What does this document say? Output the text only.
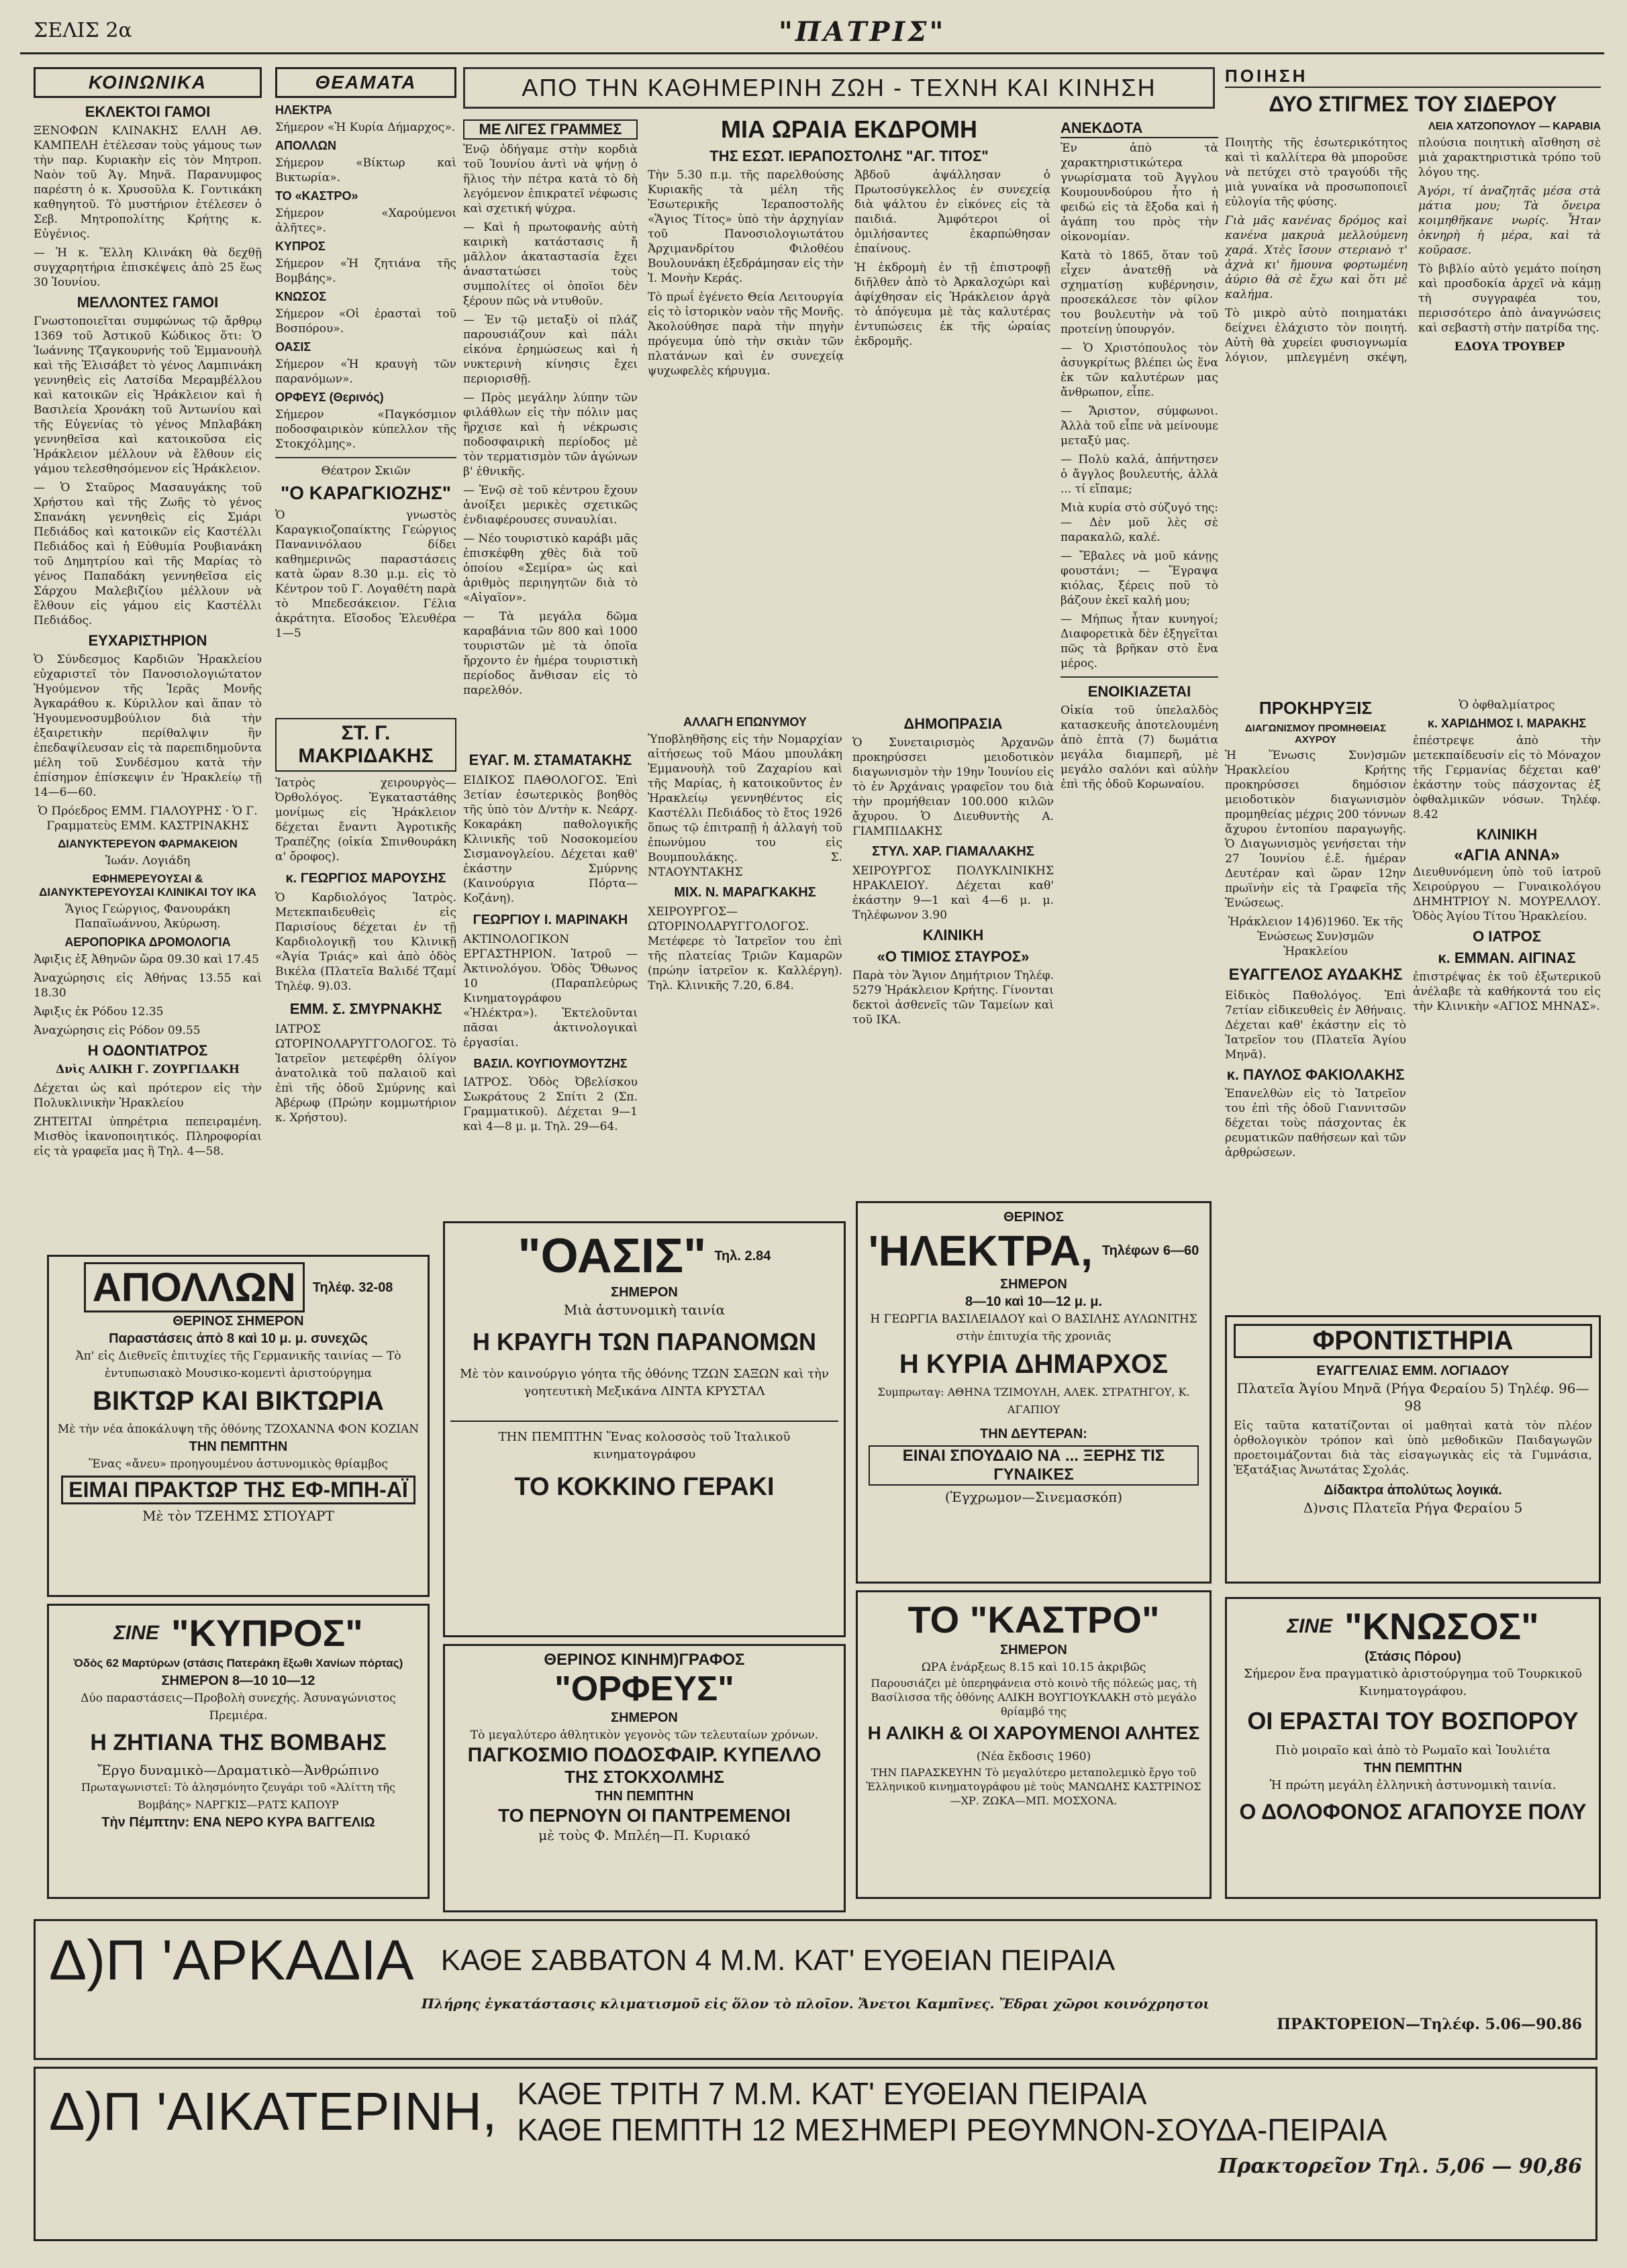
ΣΕΛΙΣ 2α	"ΠΑΤΡΙΣ"
ΚΟΙΝΩΝΙΚΑ
ΕΚΛΕΚΤΟΙ ΓΑΜΟΙ

ΞΕΝΟΦΩΝ ΚΛΙΝΑΚΗΣ ΕΛΛΗ ΑΘ. ΚΑΜΠΕΛΗ ἐτέλεσαν τοὺς γάμους των τὴν παρ. Κυριακὴν εἰς τὸν Μητροπ. Ναὸν τοῦ Ἁγ. Μηνᾶ. Παρανυμφος παρέστη ὁ κ. Χρυσοῦλα Κ. Γοντικάκη καθηγητοῦ. Τὸ μυστήριον ἐτέλεσεν ὁ Σεβ. Μητροπολίτης Κρήτης κ. Εὐγένιος.

— Ἡ κ. Ἔλλη Κλινάκη θὰ δεχθῇ συγχαρητήρια ἐπισκέψεις ἀπὸ 25 ἕως 30 Ἰουνίου.

ΜΕΛΛΟΝΤΕΣ ΓΑΜΟΙ

Γνωστοποιεῖται συμφώνως τῷ ἄρθρῳ 1369 τοῦ Ἀστικοῦ Κώδικος ὅτι: Ὁ Ἰωάννης Τζαγκουρνής τοῦ Ἐμμανουὴλ καὶ τῆς Ἐλισάβετ τὸ γένος Λαμπινάκη γεννηθεὶς εἰς Λατσίδα Μεραμβέλλου καὶ κατοικῶν εἰς Ἡράκλειον καὶ ἡ Βασιλεία Χρονάκη τοῦ Ἀντωνίου καὶ τῆς Εὐγενίας τὸ γένος Μπλαβάκη γεννηθεῖσα καὶ κατοικοῦσα εἰς Ἡράκλειον μέλλουν νὰ ἔλθουν εἰς γάμου τελεσθησόμενον εἰς Ἡράκλειον.

— Ὁ Σταῦρος Μασαυγάκης τοῦ Χρήστου καὶ τῆς Ζωῆς τὸ γένος Σπανάκη γεννηθεὶς εἰς Σμάρι Πεδιάδος καὶ κατοικῶν εἰς Καστέλλι Πεδιάδος καὶ ἡ Εὐθυμία Ρουβιανάκη τοῦ Δημητρίου καὶ τῆς Μαρίας τὸ γένος Παπαδάκη γεννηθεῖσα εἰς Σάρχου Μαλεβιζίου μέλλουν νὰ ἔλθουν εἰς γάμου εἰς Καστέλλι Πεδιάδος.

ΕΥΧΑΡΙΣΤΗΡΙΟΝ

Ὁ Σύνδεσμος Καρδιῶν Ἡρακλείου εὐχαριστεῖ τὸν Πανοσιολογιώτατον Ἡγούμενον τῆς Ἱερᾶς Μονῆς Ἀγκαράθου κ. Κύριλλον καὶ ἅπαν τὸ Ἡγουμενοσυμβούλιον διὰ τὴν ἐξαιρετικὴν περίθαλψιν ἣν ἐπεδαψίλευσαν εἰς τὰ παρεπιδημοῦντα μέλη τοῦ Συνδέσμου κατὰ τὴν ἐπίσημον ἐπίσκεψιν ἐν Ἡρακλείῳ τῇ 14—6—60.

Ὁ Πρόεδρος ΕΜΜ. ΓΙΑΛΟΥΡΗΣ · Ὁ Γ. Γραμματεὺς ΕΜΜ. ΚΑΣΤΡΙΝΑΚΗΣ

ΔΙΑΝΥΚΤΕΡΕΥΟΝ ΦΑΡΜΑΚΕΙΟΝ

Ἰωάν. Λογιάδη

ΕΦΗΜΕΡΕΥΟΥΣΑΙ & ΔΙΑΝΥΚΤΕΡΕΥΟΥΣΑΙ ΚΛΙΝΙΚΑΙ ΤΟΥ ΙΚΑ

Ἅγιος Γεώργιος, Φανουράκη Παπαϊωάννου, Ἀκύρωση.

ΑΕΡΟΠΟΡΙΚΑ ΔΡΟΜΟΛΟΓΙΑ

Ἀφιξις ἐξ Ἀθηνῶν ὥρα 09.30 καὶ 17.45

Ἀναχώρησις εἰς Ἀθήνας 13.55 καὶ 18.30

Ἀφιξις ἐκ Ρόδου 12.35

Ἀναχώρησις εἰς Ρόδον 09.55

Η ΟΔΟΝΤΙΑΤΡΟΣ

Δνὶς ΑΛΙΚΗ Γ. ΖΟΥΡΓΙΔΑΚΗ

Δέχεται ὡς καὶ πρότερον εἰς τὴν Πολυκλινικὴν Ἡρακλείου

ΖΗΤΕΙΤΑΙ ὑπηρέτρια πεπειραμένη. Μισθὸς ἱκανοποιητικός. Πληροφορίαι εἰς τὰ γραφεῖα μας ἢ Τηλ. 4—58.

ΘΕΑΜΑΤΑ
ΗΛΕΚΤΡΑ

Σήμερον «Ἡ Κυρία Δήμαρχος».

ΑΠΟΛΛΩΝ

Σήμερον «Βίκτωρ καὶ Βικτωρία».

ΤΟ «ΚΑΣΤΡΟ»

Σήμερον «Χαρούμενοι ἀλῆτες».

ΚΥΠΡΟΣ

Σήμερον «Ἡ ζητιάνα τῆς Βομβάης».

ΚΝΩΣΟΣ

Σήμερον «Οἱ ἐρασταὶ τοῦ Βοσπόρου».

ΟΑΣΙΣ

Σήμερον «Ἡ κραυγὴ τῶν παρανόμων».

ΟΡΦΕΥΣ (Θερινός)

Σήμερον «Παγκόσμιον ποδοσφαιρικὸν κύπελλον τῆς Στοκχόλμης».

Θέατρον Σκιῶν

"Ο ΚΑΡΑΓΚΙΟΖΗΣ"

Ὁ γνωστὸς Καραγκιοζοπαίκτης Γεώργιος Πανανινόλαου δίδει καθημερινῶς παραστάσεις κατὰ ὥραν 8.30 μ.μ. εἰς τὸ Κέντρον τοῦ Γ. Λογαθέτη παρὰ τὸ Μπεδεσάκειον. Γέλια ἀκράτητα. Εἴσοδος Ἐλευθέρα 1—5

ΣΤ. Γ. ΜΑΚΡΙΔΑΚΗΣ

Ἰατρὸς χειρουργὸς—Ὀρθολόγος. Ἐγκαταστάθης μονίμως εἰς Ἡράκλειον δέχεται ἔναντι Ἀγροτικῆς Τραπέζης (οἰκία Σπινθουράκη α' ὄροφος).

κ. ΓΕΩΡΓΙΟΣ ΜΑΡΟΥΣΗΣ

Ὁ Καρδιολόγος Ἰατρὸς. Μετεκπαιδευθεὶς εἰς Παρισίους δέχεται ἐν τῇ Καρδιολογικῇ του Κλινικῇ «Ἁγία Τριάς» καὶ ἀπὸ ὁδὸς Βικέλα (Πλατεῖα Βαλιδέ Τζαμί Τηλέφ. 9).03.

ΕΜΜ. Σ. ΣΜΥΡΝΑΚΗΣ

ΙΑΤΡΟΣ ΩΤΟΡΙΝΟΛΑΡΥΓΓΟΛΟΓΟΣ. Τὸ Ἰατρεῖον μετεφέρθη ὁλίγον ἀνατολικὰ τοῦ παλαιοῦ καὶ ἐπὶ τῆς ὁδοῦ Σμύρνης καὶ Ἀβέρωφ (Πρώην κομμωτήριον κ. Χρήστου).

ΕΥΑΓ. Μ. ΣΤΑΜΑΤΑΚΗΣ

ΕΙΔΙΚΟΣ ΠΑΘΟΛΟΓΟΣ. Ἐπὶ 3ετίαν ἐσωτερικὸς βοηθὸς τῆς ὑπὸ τὸν Δ/ντὴν κ. Νεάρχ. Κοκαράκη παθολογικῆς Κλινικῆς τοῦ Νοσοκομείου Σισμανογλείου. Δέχεται καθ' ἑκάστην Σμύρνης (Καινούργια Πόρτα—Κοζάνη).

ΓΕΩΡΓΙΟΥ Ι. ΜΑΡΙΝΑΚΗ

ΑΚΤΙΝΟΛΟΓΙΚΟΝ ΕΡΓΑΣΤΗΡΙΟΝ. Ἰατροῦ — Ἀκτινολόγου. Ὁδὸς Ὄθωνος 10 (Παραπλεύρως Κινηματογράφου «Ἠλέκτρα»). Ἐκτελοῦνται πᾶσαι ἀκτινολογικαὶ ἐργασίαι.

ΒΑΣΙΛ. ΚΟΥΓΙΟΥΜΟΥΤΖΗΣ

ΙΑΤΡΟΣ. Ὁδὸς Ὀβελίσκου Σωκράτους 2 Σπίτι 2 (Σπ. Γραμματικοῦ). Δέχεται 9—1 καὶ 4—8 μ. μ. Τηλ. 29—64.

ΑΠΟ ΤΗΝ ΚΑΘΗΜΕΡΙΝΗ ΖΩΗ - ΤΕΧΝΗ ΚΑΙ ΚΙΝΗΣΗ
ΜΕ ΛΙΓΕΣ ΓΡΑΜΜΕΣ

Ἐνῷ ὁδήγαμε στὴν κορδιὰ τοῦ Ἰουνίου ἀντὶ νὰ ψήνῃ ὁ ἥλιος τὴν πέτρα κατὰ τὸ δὴ λεγόμενον ἐπικρατεῖ νέφωσις καὶ σχετική ψύχρα.

— Καὶ ἡ πρωτοφανὴς αὐτὴ καιρικὴ κατάστασις ἤ μᾶλλον ἀκαταστασία ἔχει ἀναστατώσει τοὺς συμπολίτες οἱ ὁποῖοι δὲν ξέρουν πῶς νὰ ντυθοῦν.

— Ἐν τῷ μεταξὺ οἱ πλάζ παρουσιάζουν καὶ πάλι εἰκόνα ἐρημώσεως καὶ ἡ νυκτερινὴ κίνησις ἔχει περιορισθῇ.

— Πρὸς μεγάλην λύπην τῶν φιλάθλων εἰς τὴν πόλιν μας ἥρχισε καὶ ἡ νέκρωσις ποδοσφαιρικὴ περίοδος μὲ τὸν τερματισμὸν τῶν ἀγώνων β' ἐθνικῆς.

— Ἐνῷ σὲ τοῦ κέντρου ἔχουν ἀνοίξει μερικὲς σχετικῶς ἐνδιαφέρουσες συναυλίαι.

— Νέο τουριστικὸ καράβι μᾶς ἐπισκέφθη χθὲς διὰ τοῦ ὁποίου «Σεμίρα» ὡς καὶ ἀριθμὸς περιηγητῶν διὰ τὸ «Αἰγαῖον».

— Τὰ μεγάλα δῶμα καραβάνια τῶν 800 καὶ 1000 τουριστῶν μὲ τὰ ὁποῖα ἤρχοντο ἐν ἡμέρα τουριστικὴ περίοδος ἄνθισαν εἰς τὸ παρελθόν.

ΜΙΑ ΩΡΑΙΑ ΕΚΔΡΟΜΗ
ΤΗΣ ΕΣΩΤ. ΙΕΡΑΠΟΣΤΟΛΗΣ "ΑΓ. ΤΙΤΟΣ"

Τὴν 5.30 π.μ. τῆς παρελθούσης Κυριακῆς τὰ μέλη τῆς Ἐσωτερικῆς Ἱεραποστολῆς «Ἅγιος Τίτος» ὑπὸ τὴν ἀρχηγίαν τοῦ Πανοσιολογιωτάτου Ἀρχιμανδρίτου Φιλοθέου Βουλουνάκη ἐξεδράμησαν εἰς τὴν Ἱ. Μονὴν Κεράς.

Τὸ πρωΐ ἐγένετο Θεία Λειτουργία εἰς τὸ ἱστορικὸν ναὸν τῆς Μονῆς. Ἀκολούθησε παρὰ τὴν πηγὴν πρόγευμα ὑπὸ τὴν σκιὰν τῶν πλατάνων καὶ ἐν συνεχείᾳ ψυχωφελὲς κήρυγμα.

Ἀβδοῦ ἀψάλλησαν ὁ Πρωτοσύγκελλος ἐν συνεχείᾳ διὰ ψάλτου ἐν εἰκόνες εἰς τὰ παιδιά. Ἀμφότεροι οἱ ὁμιλήσαντες ἐκαρπώθησαν ἐπαίνους.

Ἡ ἐκδρομὴ ἐν τῇ ἐπιστροφῇ διῆλθεν ἀπὸ τὸ Ἀρκαλοχώρι καὶ ἀφίχθησαν εἰς Ἡράκλειον ἀργὰ τὸ ἀπόγευμα μὲ τὰς καλυτέρας ἐντυπώσεις ἐκ τῆς ὡραίας ἐκδρομῆς.

ΑΛΛΑΓΗ ΕΠΩΝΥΜΟΥ

Ὑποβληθῆσης εἰς τὴν Νομαρχίαν αἰτήσεως τοῦ Μάου μπουλάκη Ἐμμανουὴλ τοῦ Ζαχαρίου καὶ τῆς Μαρίας, ἡ κατοικοῦντος ἐν Ἡρακλείῳ γεννηθέντος εἰς Καστέλλι Πεδιάδος τὸ ἔτος 1926 ὅπως τῷ ἐπιτραπῇ ἡ ἀλλαγὴ τοῦ ἐπωνύμου του εἰς Βουμπουλάκης. Σ. ΝΤΑΟΥΝΤΑΚΗΣ

ΜΙΧ. Ν. ΜΑΡΑΓΚΑΚΗΣ

ΧΕΙΡΟΥΡΓΟΣ—ΩΤΟΡΙΝΟΛΑΡΥΓΓΟΛΟΓΟΣ. Μετέφερε τὸ Ἰατρεῖον του ἐπὶ τῆς πλατείας Τριῶν Καμαρῶν (πρώην ἰατρεῖον κ. Καλλέργη). Τηλ. Κλινικῆς 7.20, 6.84.

ΔΗΜΟΠΡΑΣΙΑ

Ὁ Συνεταιρισμὸς Ἀρχανῶν προκηρύσσει μειοδοτικὸν διαγωνισμὸν τὴν 19ην Ἰουνίου εἰς τὸ ἐν Ἀρχάναις γραφεῖον του διὰ τὴν προμήθειαν 100.000 κιλῶν ἄχυρου. Ὁ Διευθυντὴς Α. ΓΙΑΜΠΙΔΑΚΗΣ

ΣΤΥΛ. ΧΑΡ. ΓΙΑΜΑΛΑΚΗΣ

ΧΕΙΡΟΥΡΓΟΣ ΠΟΛΥΚΛΙΝΙΚΗΣ ΗΡΑΚΛΕΙΟΥ. Δέχεται καθ' ἑκάστην 9—1 καὶ 4—6 μ. μ. Τηλέφωνον 3.90

ΚΛΙΝΙΚΗ
«Ο ΤΙΜΙΟΣ ΣΤΑΥΡΟΣ»

Παρὰ τὸν Ἅγιον Δημήτριον Τηλέφ. 5279 Ἡράκλειον Κρήτης. Γίνονται δεκτοὶ ἀσθενεῖς τῶν Ταμείων καὶ τοῦ ΙΚΑ.

ΑΝΕΚΔΟΤΑ

Ἐν ἀπὸ τὰ χαρακτηριστικώτερα γνωρίσματα τοῦ Ἀγγλου Κουμουνδούρου ἦτο ἡ φειδώ εἰς τὰ ἔξοδα καὶ ἡ ἀγάπη του πρὸς τὴν οἰκονομίαν.

Κατὰ τὸ 1865, ὅταν τοῦ εἶχεν ἀνατεθῇ νὰ σχηματίσῃ κυβέρνησιν, προσεκάλεσε τὸν φίλον του βουλευτὴν νὰ τοῦ προτείνῃ ὑπουργόν.

— Ὁ Χριστόπουλος τὸν ἀσυγκρίτως βλέπει ὡς ἕνα ἐκ τῶν καλυτέρων μας ἄνθρωπον, εἶπε.

— Ἄριστον, σύμφωνοι. Ἀλλὰ τοῦ εἶπε νὰ μείνουμε μεταξύ μας.

— Πολὺ καλά, ἀπήντησεν ὁ ἄγγλος βουλευτής, ἀλλὰ ... τί εἴπαμε;

Μιὰ κυρία στὸ σύζυγό της: — Δὲν μοῦ λὲς σὲ παρακαλῶ, καλέ.

— Ἔβαλες νὰ μοῦ κάνῃς φουστάνι; — Ἔγραψα κιόλας, ξέρεις ποῦ τὸ βάζουν ἐκεῖ καλή μου;

— Μήπως ἦταν κυνηγοί; Διαφορετικὰ δὲν ἐξηγεῖται πῶς τὰ βρῆκαν στὸ ἔνα μέρος.

ΕΝΟΙΚΙΑΖΕΤΑΙ

Οἰκία τοῦ ὑπελαλδὸς κατασκευῆς ἀποτελουμένη ἀπὸ ἑπτὰ (7) δωμάτια μεγάλα διαμπερῆ, μὲ μεγάλο σαλόνι καὶ αὐλὴν ἐπὶ τῆς ὁδοῦ Κορωναίου.

ΠΟΙΗΣΗ
ΔΥΟ ΣΤΙΓΜΕΣ ΤΟΥ ΣΙΔΕΡΟΥ
ΛΕΙΑ ΧΑΤΖΟΠΟΥΛΟΥ — ΚΑΡΑΒΙΑ

Ποιητὴς τῆς ἐσωτερικότητος καὶ τὶ καλλίτερα θὰ μποροῦσε νὰ πετύχει στὸ τραγούδι τῆς μιὰ γυναίκα νὰ προσωποποιεῖ εὐλογία τῆς φύσης.

Γιὰ μᾶς κανένας δρόμος καὶ κανένα μακρυὰ μελλούμενη χαρά. Χτὲς ἴσουν στεριανὸ τ' ἀχνὰ κι' ἤμουνα φορτωμένη ἀύριο θὰ σὲ ἔχω καὶ ὅτι μὲ καλήμα.

Τὸ μικρὸ αὐτὸ ποιηματάκι δείχνει ἐλάχιστο τὸν ποιητή. Αὐτὴ θὰ χυρείει φυσιογνωμία λόγιον, μπλεγμένη σκέψη, πλούσια ποιητικὴ αἴσθηση σὲ μιὰ χαρακτηριστικὰ τρόπο τοῦ λόγου της.

Ἀγόρι, τί ἀναζητᾶς μέσα στὰ μάτια μου; Τὰ ὄνειρα κοιμηθῆκανε νωρίς. Ἦταν ὀκνηρὴ ἡ μέρα, καὶ τὰ κοῦρασε.

Τὸ βιβλίο αὐτὸ γεμάτο ποίηση καὶ προσδοκία ἀρχεῖ νὰ κάμῃ τὴ συγγραφέα του, περισσότερο ἀπὸ ἀναγνώσεις καὶ σεβαστὴ στὴν πατρίδα της.

ΕΔΟΥΑ ΤΡΟΥΒΕΡ

ΠΡΟΚΗΡΥΞΙΣ
ΔΙΑΓΩΝΙΣΜΟΥ ΠΡΟΜΗΘΕΙΑΣ ΑΧΥΡΟΥ

Ἡ Ἕνωσις Συν)σμῶν Ἡρακλείου Κρήτης προκηρύσσει δημόσιον μειοδοτικὸν διαγωνισμὸν προμηθείας μέχρις 200 τόννων ἄχυρου ἐντοπίου παραγωγῆς. Ὁ Διαγωνισμὸς γενήσεται τὴν 27 Ἰουνίου ἐ.ἔ. ἡμέραν Δευτέραν καὶ ὥραν 12ην πρωϊνὴν εἰς τὰ Γραφεῖα τῆς Ἑνώσεως.

Ἡράκλειον 14)6)1960. Ἐκ τῆς Ἑνώσεως Συν)σμῶν Ἡρακλείου

ΕΥΑΓΓΕΛΟΣ ΑΥΔΑΚΗΣ

Εἰδικὸς Παθολόγος. Ἐπὶ 7ετίαν εἰδικευθεὶς ἐν Ἀθήναις. Δέχεται καθ' ἑκάστην εἰς τὸ Ἰατρεῖον του (Πλατεῖα Ἁγίου Μηνᾶ).

κ. ΠΑΥΛΟΣ ΦΑΚΙΟΛΑΚΗΣ

Ἐπανελθὼν εἰς τὸ Ἰατρεῖον του ἐπὶ τῆς ὁδοῦ Γιαννιτσῶν δέχεται τοὺς πάσχοντας ἐκ ρευματικῶν παθήσεων καὶ τῶν ἀρθρώσεων.

Ὁ ὀφθαλμίατρος

κ. ΧΑΡΙΔΗΜΟΣ Ι. ΜΑΡΑΚΗΣ

ἐπέστρεψε ἀπὸ τὴν μετεκπαίδευσίν εἰς τὸ Μόναχον τῆς Γερμανίας δέχεται καθ' ἑκάστην τοὺς πάσχοντας ἐξ ὀφθαλμικῶν νόσων. Τηλέφ. 8.42

ΚΛΙΝΙΚΗ
«ΑΓΙΑ ΑΝΝΑ»

Διευθυνόμενη ὑπὸ τοῦ ἰατροῦ Χειρούργου — Γυναικολόγου ΔΗΜΗΤΡΙΟΥ Ν. ΜΟΥΡΕΛΛΟΥ. Ὁδὸς Ἁγίου Τίτου Ἡρακλείου.

Ο ΙΑΤΡΟΣ
κ. ΕΜΜΑΝ. ΑΙΓΙΝΑΣ

ἐπιστρέψας ἐκ τοῦ ἐξωτερικοῦ ἀνέλαβε τὰ καθήκοντά του εἰς τὴν Κλινικὴν «ΑΓΙΟΣ ΜΗΝΑΣ».

ΦΡΟΝΤΙΣΤΗΡΙΑ
ΕΥΑΓΓΕΛΙΑΣ ΕΜΜ. ΛΟΓΙΑΔΟΥ
Πλατεῖα Ἁγίου Μηνᾶ (Ρήγα Φεραίου 5) Τηλέφ. 96—98

Εἰς ταῦτα κατατίζονται οἱ μαθηταὶ κατὰ τὸν πλέον ὀρθολογικὸν τρόπον καὶ ὑπὸ μεθοδικῶν Παιδαγωγῶν προετοιμάζονται διὰ τὰς εἰσαγωγικὰς εἰς τὰ Γυμνάσια, Ἐξατάξιας Ἀνωτάτας Σχολάς.

Δίδακτρα ἀπολύτως λογικά.
Δ)νσις Πλατεῖα Ρήγα Φεραίου 5
ΑΠΟΛΛΩΝ	Τηλέφ. 32-08
ΘΕΡΙΝΟΣ ΣΗΜΕΡΟΝ
Παραστάσεις ἀπὸ 8 καὶ 10 μ. μ. συνεχῶς
Ἀπ' εἰς Διεθνεῖς ἐπιτυχίες τῆς Γερμανικῆς ταινίας — Τὸ ἐντυπωσιακὸ Μουσικο-κομεντὶ ἀριστούργημα
ΒΙΚΤΩΡ ΚΑΙ ΒΙΚΤΩΡΙΑ
Μὲ τὴν νέα ἀποκάλυψη τῆς ὀθόνης ΤΖΟΧΑΝΝΑ ΦΟΝ ΚΟΖΙΑΝ
ΤΗΝ ΠΕΜΠΤΗΝ
Ἕνας «ἄνευ» προηγουμένου ἀστυνομικὸς θρίαμβος
ΕΙΜΑΙ ΠΡΑΚΤΩΡ ΤΗΣ ΕΦ-ΜΠΗ-ΑΪ
Μὲ τὸν ΤΖΕΗΜΣ ΣΤΙΟΥΑΡΤ
"ΟΑΣΙΣ" Τηλ. 2.84
ΣΗΜΕΡΟΝ
Μιὰ ἀστυνομικὴ ταινία
Η ΚΡΑΥΓΗ ΤΩΝ ΠΑΡΑΝΟΜΩΝ
Μὲ τὸν καινούργιο γόητα τῆς ὀθόνης ΤΖΩΝ ΣΑΞΩΝ καὶ τὴν γοητευτικὴ Μεξικάνα ΛΙΝΤΑ ΚΡΥΣΤΑΛ
ΤΗΝ ΠΕΜΠΤΗΝ Ἕνας κολοσσὸς τοῦ Ἰταλικοῦ κινηματογράφου
ΤΟ ΚΟΚΚΙΝΟ ΓΕΡΑΚΙ
ΘΕΡΙΝΟΣ
'ΗΛΕΚΤΡΑ, Τηλέφων 6—60
ΣΗΜΕΡΟΝ
8—10 καὶ 10—12 μ. μ.
Η ΓΕΩΡΓΙΑ ΒΑΣΙΛΕΙΑΔΟΥ καὶ Ο ΒΑΣΙΛΗΣ ΑΥΛΩΝΙΤΗΣ στὴν ἐπιτυχία τῆς χρονιᾶς
Η ΚΥΡΙΑ ΔΗΜΑΡΧΟΣ
Συμπρωταγ: ΑΘΗΝΑ ΤΖΙΜΟΥΛΗ, ΑΛΕΚ. ΣΤΡΑΤΗΓΟΥ, Κ. ΑΓΑΠΙΟΥ
ΤΗΝ ΔΕΥΤΕΡΑΝ:
ΕΙΝΑΙ ΣΠΟΥΔΑΙΟ ΝΑ ... ΞΕΡΗΣ ΤΙΣ ΓΥΝΑΙΚΕΣ
(Ἐγχρωμον—Σινεμασκόπ)
ΣΙΝΕ "ΚΥΠΡΟΣ"
Ὁδὸς 62 Μαρτύρων (στάσις Πατεράκη ἔξωθι Χανίων πόρτας)
ΣΗΜΕΡΟΝ 8—10 10—12
Δύο παραστάσεις—Προβολὴ συνεχής. Ἀσυναγώνιστος Πρεμιέρα.
Η ΖΗΤΙΑΝΑ ΤΗΣ ΒΟΜΒΑΗΣ
Ἔργο δυναμικὸ—Δραματικὸ—Ἀνθρώπινο
Πρωταγωνιστεῖ: Τὸ ἀλησμόνητο ζευγάρι τοῦ «Ἀλίττη τῆς Βομβάης» ΝΑΡΓΚΙΣ—ΡΑΤΣ ΚΑΠΟΥΡ
Τὴν Πέμπτην: ΕΝΑ ΝΕΡΟ ΚΥΡΑ ΒΑΓΓΕΛΙΩ
ΘΕΡΙΝΟΣ ΚΙΝΗΜ)ΓΡΑΦΟΣ
"ΟΡΦΕΥΣ"
ΣΗΜΕΡΟΝ
Τὸ μεγαλύτερο ἀθλητικὸν γεγονὸς τῶν τελευταίων χρόνων.
ΠΑΓΚΟΣΜΙΟ ΠΟΔΟΣΦΑΙΡ. ΚΥΠΕΛΛΟ
ΤΗΣ ΣΤΟΚΧΟΛΜΗΣ
ΤΗΝ ΠΕΜΠΤΗΝ
ΤΟ ΠΕΡΝΟΥΝ ΟΙ ΠΑΝΤΡΕΜΕΝΟΙ
μὲ τοὺς Φ. Μπλέη—Π. Κυριακό
ΤΟ "ΚΑΣΤΡΟ"
ΣΗΜΕΡΟΝ
ΩΡΑ ἐνάρξεως 8.15 καὶ 10.15 ἀκριβῶς
Παρουσιάζει μὲ ὑπερηφάνεια στὸ κοινὸ τῆς πόλεώς μας, τὴ Βασίλισσα τῆς ὀθόνης ΑΛΙΚΗ ΒΟΥΓΙΟΥΚΛΑΚΗ στὸ μεγάλο θρίαμβό της
Η ΑΛΙΚΗ & ΟΙ ΧΑΡΟΥΜΕΝΟΙ ΑΛΗΤΕΣ
(Νέα ἔκδοσις 1960)
ΤΗΝ ΠΑΡΑΣΚΕΥΗΝ Τὸ μεγαλύτερο μεταπολεμικὸ ἔργο τοῦ Ἑλληνικοῦ κινηματογράφου μὲ τοὺς ΜΑΝΩΛΗΣ ΚΑΣΤΡΙΝΟΣ—ΧΡ. ΖΩΚΑ—ΜΠ. ΜΟΣΧΟΝΑ.
ΣΙΝΕ "ΚΝΩΣΟΣ"
(Στάσις Πόρου)
Σήμερον ἕνα πραγματικὸ ἀριστούργημα τοῦ Τουρκικοῦ Κινηματογράφου.
ΟΙ ΕΡΑΣΤΑΙ ΤΟΥ ΒΟΣΠΟΡΟΥ
Πιὸ μοιραῖο καὶ ἀπὸ τὸ Ρωμαῖο καὶ Ἰουλιέτα
ΤΗΝ ΠΕΜΠΤΗΝ
Ἡ πρώτη μεγάλη ἑλληνικὴ ἀστυνομικὴ ταινία.
Ο ΔΟΛΟΦΟΝΟΣ ΑΓΑΠΟΥΣΕ ΠΟΛΥ
Δ)Π 'ΑΡΚΑΔΙΑ ΚΑΘΕ ΣΑΒΒΑΤΟΝ 4 Μ.Μ. ΚΑΤ' ΕΥΘΕΙΑΝ ΠΕΙΡΑΙΑ
Πλήρης ἐγκατάστασις κλιματισμοῦ εἰς ὅλον τὸ πλοῖον. Ἄνετοι Καμπῖνες. Ἔδραι χῶροι κοινόχρηστοι
ΠΡΑΚΤΟΡΕΙΟΝ—Τηλέφ. 5.06—90.86
Δ)Π 'ΑΙΚΑΤΕΡΙΝΗ, ΚΑΘΕ ΤΡΙΤΗ 7 Μ.Μ. ΚΑΤ' ΕΥΘΕΙΑΝ ΠΕΙΡΑΙΑ
ΚΑΘΕ ΠΕΜΠΤΗ 12 ΜΕΣΗΜΕΡΙ ΡΕΘΥΜΝΟΝ-ΣΟΥΔΑ-ΠΕΙΡΑΙΑ
Πρακτορεῖον Τηλ. 5,06 — 90,86
